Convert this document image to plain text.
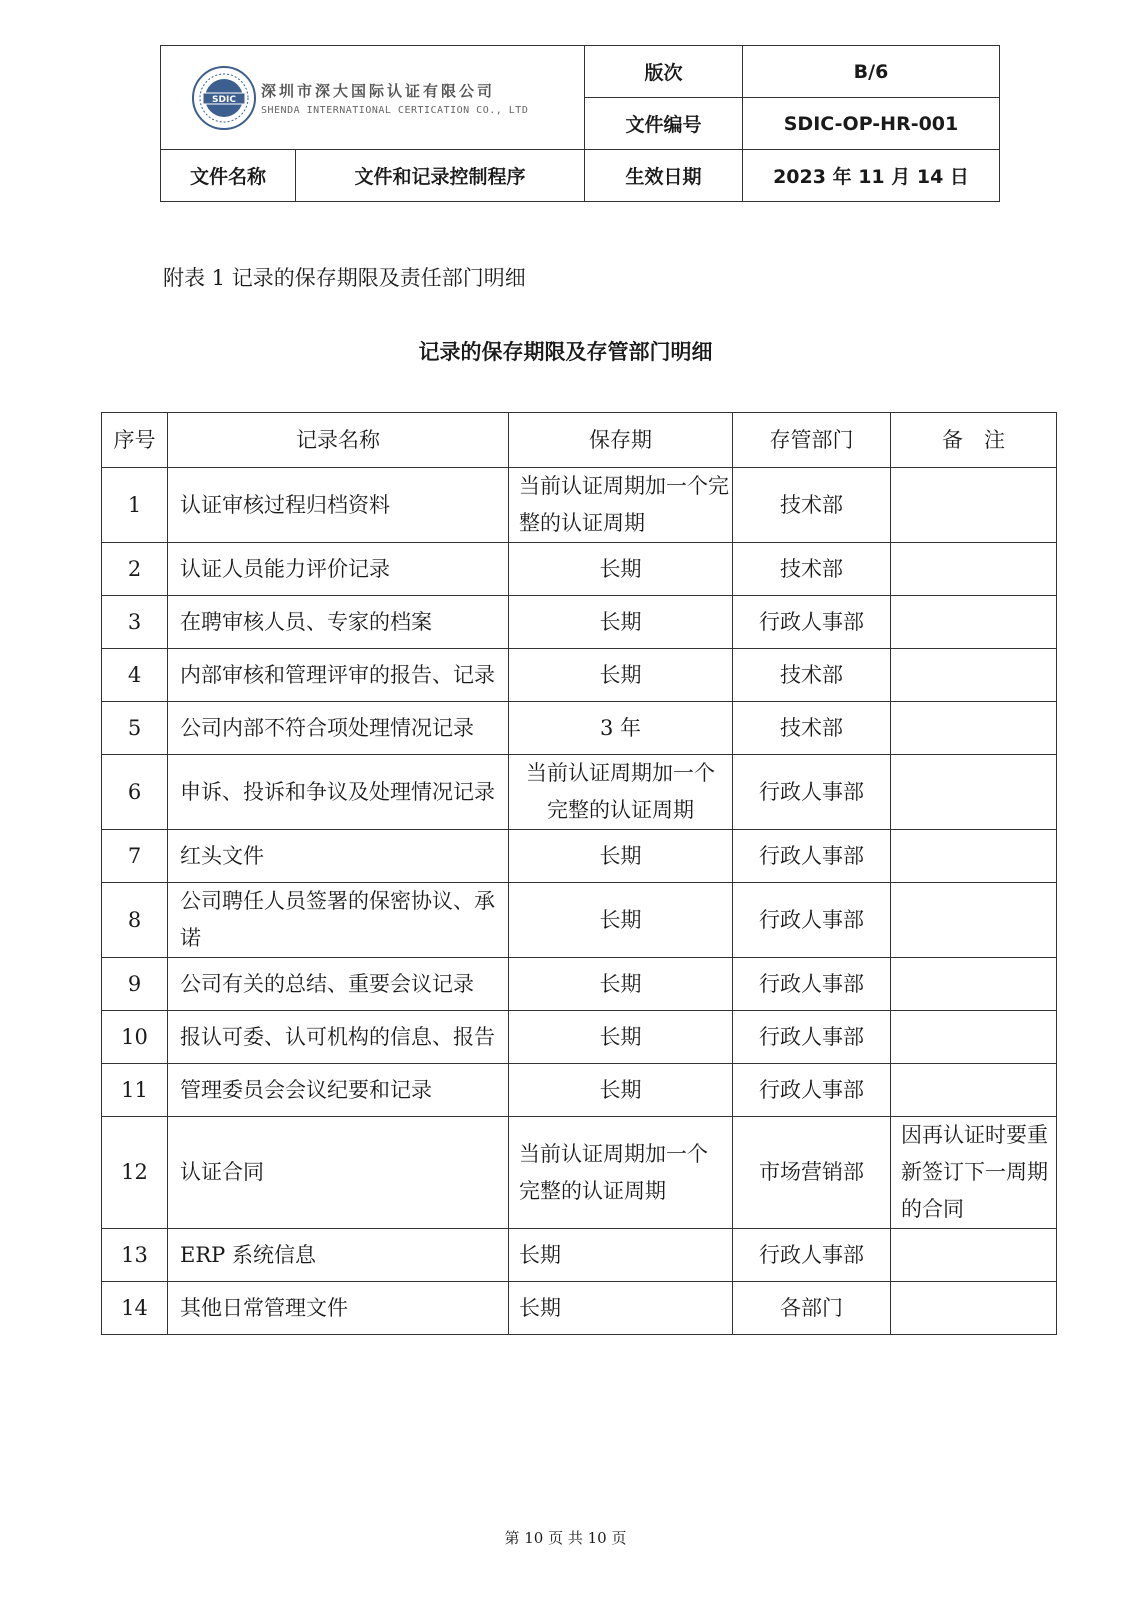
SDIC 深圳市深大国际认证有限公司
SHENDA INTERNATIONAL CERTICATION CO., LTD		版次	B/6
		文件编号	SDIC-OP-HR-001
文件名称	文件和记录控制程序	生效日期	2023 年 11 月 14 日
附表 1 记录的保存期限及责任部门明细
记录的保存期限及存管部门明细
序号	记录名称	保存期	存管部门	备　注
1	认证审核过程归档资料	当前认证周期加一个完整的认证周期	技术部	
2	认证人员能力评价记录	长期	技术部	
3	在聘审核人员、专家的档案	长期	行政人事部	
4	内部审核和管理评审的报告、记录	长期	技术部	
5	公司内部不符合项处理情况记录	3 年	技术部	
6	申诉、投诉和争议及处理情况记录	当前认证周期加一个完整的认证周期	行政人事部	
7	红头文件	长期	行政人事部	
8	公司聘任人员签署的保密协议、承诺	长期	行政人事部	
9	公司有关的总结、重要会议记录	长期	行政人事部	
10	报认可委、认可机构的信息、报告	长期	行政人事部	
11	管理委员会会议纪要和记录	长期	行政人事部	
12	认证合同	当前认证周期加一个完整的认证周期	市场营销部	因再认证时要重新签订下一周期的合同
13	ERP 系统信息	长期	行政人事部	
14	其他日常管理文件	长期	各部门	
第 10 页 共 10 页
